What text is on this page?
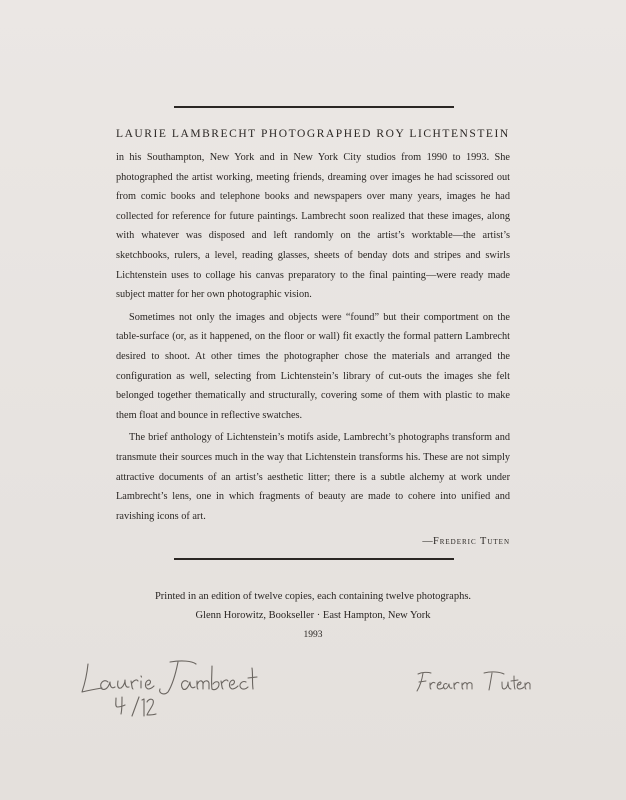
LAURIE LAMBRECHT PHOTOGRAPHED ROY LICHTENSTEIN
in his Southampton, New York and in New York City studios from 1990 to 1993. She photographed the artist working, meeting friends, dreaming over images he had scissored out from comic books and telephone books and newspapers over many years, images he had collected for reference for future paintings. Lambrecht soon realized that these images, along with whatever was disposed and left randomly on the artist’s worktable—the artist’s sketchbooks, rulers, a level, reading glasses, sheets of benday dots and stripes and swirls Lichtenstein uses to collage his canvas preparatory to the final painting—were ready made subject matter for her own photographic vision.

Sometimes not only the images and objects were “found” but their comportment on the table-surface (or, as it happened, on the floor or wall) fit exactly the formal pattern Lambrecht desired to shoot. At other times the photographer chose the materials and arranged the configuration as well, selecting from Lichtenstein’s library of cut-outs the images she felt belonged together thematically and structurally, covering some of them with plastic to make them float and bounce in reflective swatches.

The brief anthology of Lichtenstein’s motifs aside, Lambrecht’s photographs transform and transmute their sources much in the way that Lichtenstein transforms his. These are not simply attractive documents of an artist’s aesthetic litter; there is a subtle alchemy at work under Lambrecht’s lens, one in which fragments of beauty are made to cohere into unified and ravishing icons of art.

—Frederic Tuten
Printed in an edition of twelve copies, each containing twelve photographs.
Glenn Horowitz, Bookseller · East Hampton, New York
1993
